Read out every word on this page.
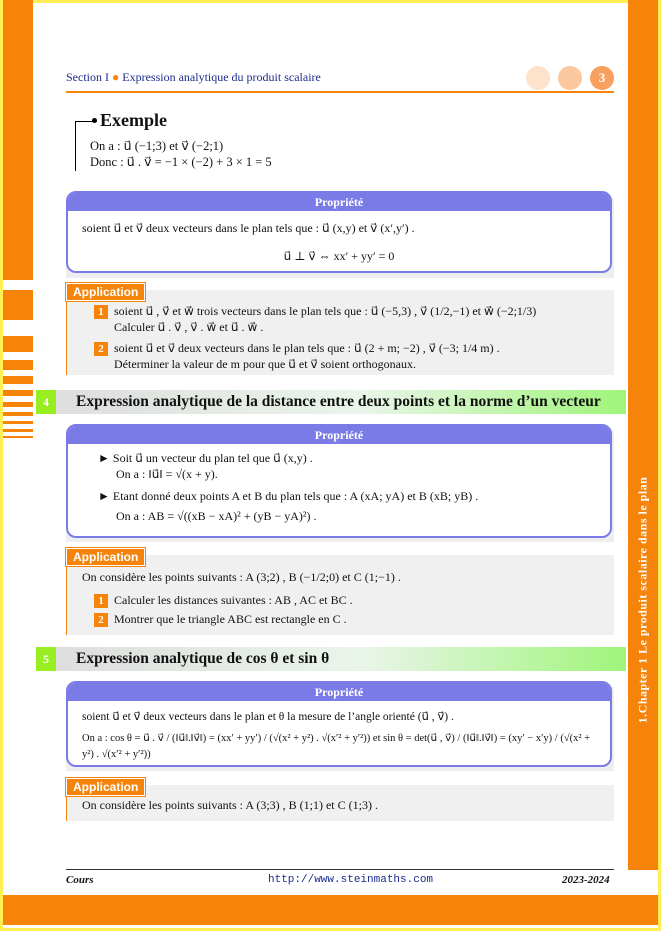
1.Chapter 1 Le produit scalaire dans le plan
Section I ● Expression analytique du produit scalaire	3
Exemple
On a : u⃗ (−1;3) et v⃗ (−2;1)
Donc : u⃗ . v⃗ = −1 × (−2) + 3 × 1 = 5
Propriété
soient u⃗ et v⃗ deux vecteurs dans le plan tels que : u⃗ (x,y) et v⃗ (x′,y′) .
u⃗ ⊥ v⃗ ⇔ xx′ + yy′ = 0
Application
1 soient u⃗ , v⃗ et w⃗ trois vecteurs dans le plan tels que : u⃗ (−5,3) , v⃗ (1/2,−1) et w⃗ (−2;1/3)
Calculer u⃗ . v⃗ , v⃗ . w⃗ et u⃗ . w⃗ .
2 soient u⃗ et v⃗ deux vecteurs dans le plan tels que : u⃗ (2 + m; −2) , v⃗ (−3; 1/4 m) .
Déterminer la valeur de m pour que u⃗ et v⃗ soient orthogonaux.
4	Expression analytique de la distance entre deux points et la norme d’un vecteur
Propriété
► Soit u⃗ un vecteur du plan tel que u⃗ (x,y) .
On a : ‖u⃗‖ = √(x + y).
► Etant donné deux points A et B du plan tels que : A (xA; yA) et B (xB; yB) .
On a : AB = √((xB − xA)² + (yB − yA)²) .
Application
On considère les points suivants : A (3;2) , B (−1/2;0) et C (1;−1) .
1 Calculer les distances suivantes : AB , AC et BC .
2 Montrer que le triangle ABC est rectangle en C .
5	Expression analytique de cos θ et sin θ
Propriété
soient u⃗ et v⃗ deux vecteurs dans le plan et θ la mesure de l’angle orienté (u⃗ , v⃗) .
On a : cos θ = u⃗ . v⃗ / (‖u⃗‖.‖v⃗‖) = (xx′ + yy′) / (√(x² + y²) . √(x′² + y′²)) et sin θ = det(u⃗ , v⃗) / (‖u⃗‖.‖v⃗‖) = (xy′ − x′y) / (√(x² + y²) . √(x′² + y′²))
Application
On considère les points suivants : A (3;3) , B (1;1) et C (1;3) .
Cours	http://www.steinmaths.com	2023-2024
